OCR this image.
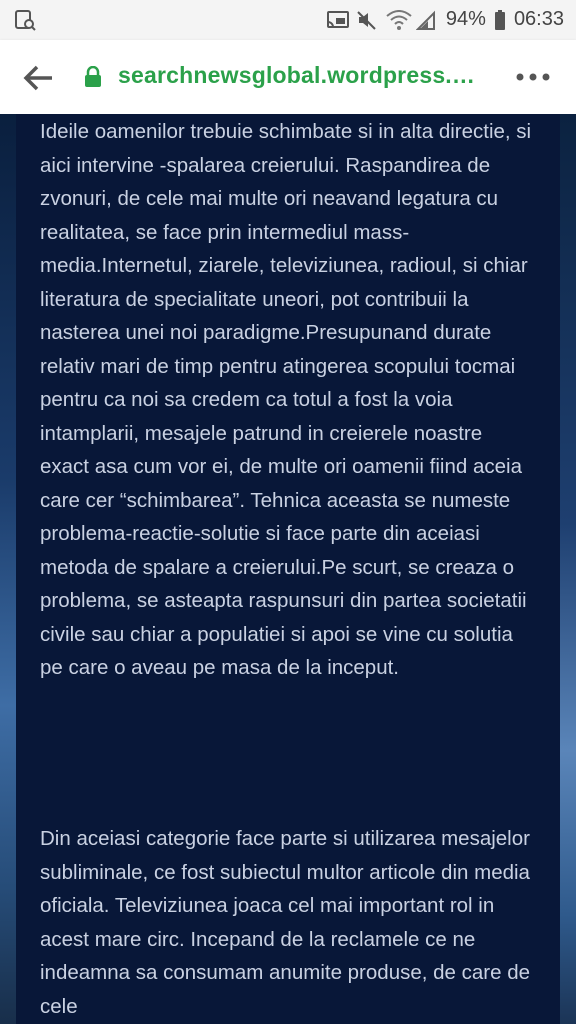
94% 06:33
searchnewsglobal.wordpress.…

Ideile oamenilor trebuie schimbate si in alta directie, si aici intervine -spalarea creierului. Raspandirea de zvonuri, de cele mai multe ori neavand legatura cu realitatea, se face prin intermediul mass-media.Internetul, ziarele, televiziunea, radioul, si chiar literatura de specialitate uneori, pot contribuii la nasterea unei noi paradigme.Presupunand durate relativ mari de timp pentru atingerea scopului tocmai pentru ca noi sa credem ca totul a fost la voia intamplarii, mesajele patrund in creierele noastre exact asa cum vor ei, de multe ori oamenii fiind aceia care cer “schimbarea”. Tehnica aceasta se numeste problema-reactie-solutie si face parte din aceiasi metoda de spalare a creierului.Pe scurt, se creaza o problema, se asteapta raspunsuri din partea societatii civile sau chiar a populatiei si apoi se vine cu solutia pe care o aveau pe masa de la inceput.

Din aceiasi categorie face parte si utilizarea mesajelor subliminale, ce fost subiectul multor articole din media oficiala. Televiziunea joaca cel mai important rol in acest mare circ. Incepand de la reclamele ce ne indeamna sa consumam anumite produse, de care de cele
